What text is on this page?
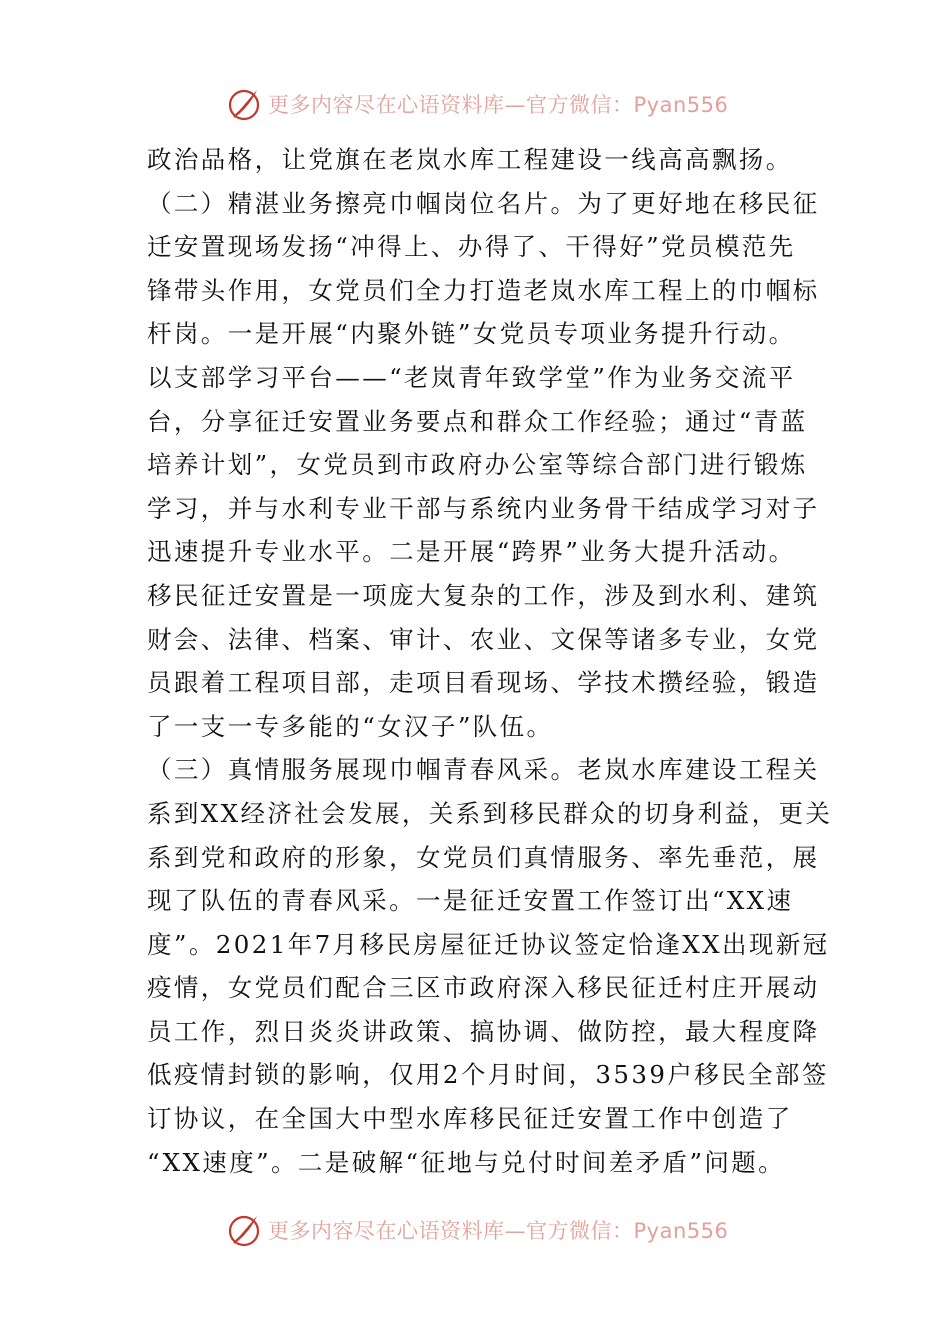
更多内容尽在心语资料库—官方微信：Pyan556
政治品格，让党旗在老岚水库工程建设一线高高飘扬。
（二）精湛业务擦亮巾帼岗位名片。为了更好地在移民征
迁安置现场发扬“冲得上、办得了、干得好”党员模范先
锋带头作用，女党员们全力打造老岚水库工程上的巾帼标
杆岗。一是开展“内聚外链”女党员专项业务提升行动。
以支部学习平台——“老岚青年致学堂”作为业务交流平
台，分享征迁安置业务要点和群众工作经验；通过“青蓝
培养计划”，女党员到市政府办公室等综合部门进行锻炼
学习，并与水利专业干部与系统内业务骨干结成学习对子
迅速提升专业水平。二是开展“跨界”业务大提升活动。
移民征迁安置是一项庞大复杂的工作，涉及到水利、建筑
财会、法律、档案、审计、农业、文保等诸多专业，女党
员跟着工程项目部，走项目看现场、学技术攒经验，锻造
了一支一专多能的“女汉子”队伍。
（三）真情服务展现巾帼青春风采。老岚水库建设工程关
系到XX经济社会发展，关系到移民群众的切身利益，更关
系到党和政府的形象，女党员们真情服务、率先垂范，展
现了队伍的青春风采。一是征迁安置工作签订出“XX速
度”。2021年7月移民房屋征迁协议签定恰逢XX出现新冠
疫情，女党员们配合三区市政府深入移民征迁村庄开展动
员工作，烈日炎炎讲政策、搞协调、做防控，最大程度降
低疫情封锁的影响，仅用2个月时间，3539户移民全部签
订协议，在全国大中型水库移民征迁安置工作中创造了
“XX速度”。二是破解“征地与兑付时间差矛盾”问题。
更多内容尽在心语资料库—官方微信：Pyan556
